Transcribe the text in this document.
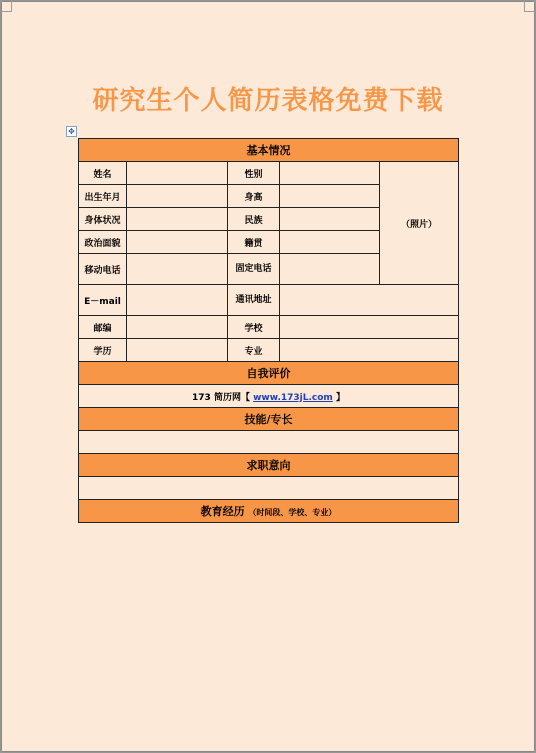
研究生个人简历表格免费下载
✥
基本情况				
姓名		性别		（照片）
出生年月		身高		
身体状况		民族		
政治面貌		籍贯		
移动电话		固定电话		
E－mail		通讯地址		
邮编		学校		
学历		专业		
自我评价				
173 简历网【 www.173jL.com 】				
技能/专长				

求职意向				

教育经历 （时间段、学校、专业）				
